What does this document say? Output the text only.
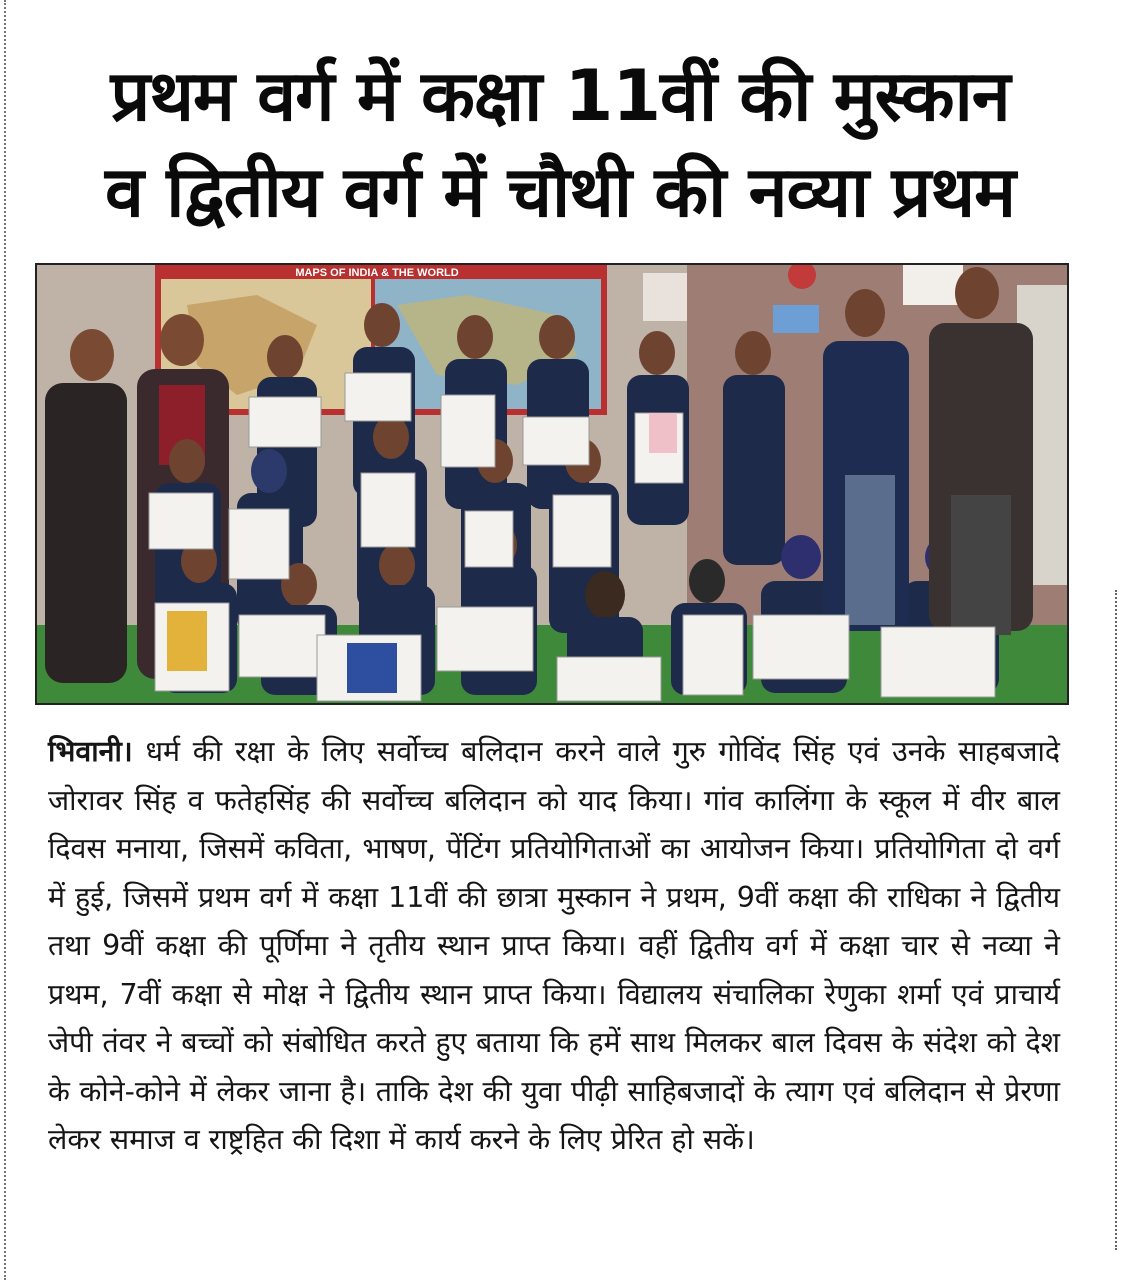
प्रथम वर्ग में कक्षा 11वीं की मुस्कान
व द्वितीय वर्ग में चौथी की नव्या प्रथम
MAPS OF INDIA & THE WORLD
भिवानी। धर्म की रक्षा के लिए सर्वोच्च बलिदान करने वाले गुरु गोविंद सिंह एवं उनके साहबजादे जोरावर सिंह व फतेहसिंह की सर्वोच्च बलिदान को याद किया। गांव कालिंगा के स्कूल में वीर बाल दिवस मनाया, जिसमें कविता, भाषण, पेंटिंग प्रतियोगिताओं का आयोजन किया। प्रतियोगिता दो वर्ग में हुई, जिसमें प्रथम वर्ग में कक्षा 11वीं की छात्रा मुस्कान ने प्रथम, 9वीं कक्षा की राधिका ने द्वितीय तथा 9वीं कक्षा की पूर्णिमा ने तृतीय स्थान प्राप्त किया। वहीं द्वितीय वर्ग में कक्षा चार से नव्या ने प्रथम, 7वीं कक्षा से मोक्ष ने द्वितीय स्थान प्राप्त किया। विद्यालय संचालिका रेणुका शर्मा एवं प्राचार्य जेपी तंवर ने बच्चों को संबोधित करते हुए बताया कि हमें साथ मिलकर बाल दिवस के संदेश को देश के कोने-कोने में लेकर जाना है। ताकि देश की युवा पीढ़ी साहिबजादों के त्याग एवं बलिदान से प्रेरणा लेकर समाज व राष्ट्रहित की दिशा में कार्य करने के लिए प्रेरित हो सकें।
